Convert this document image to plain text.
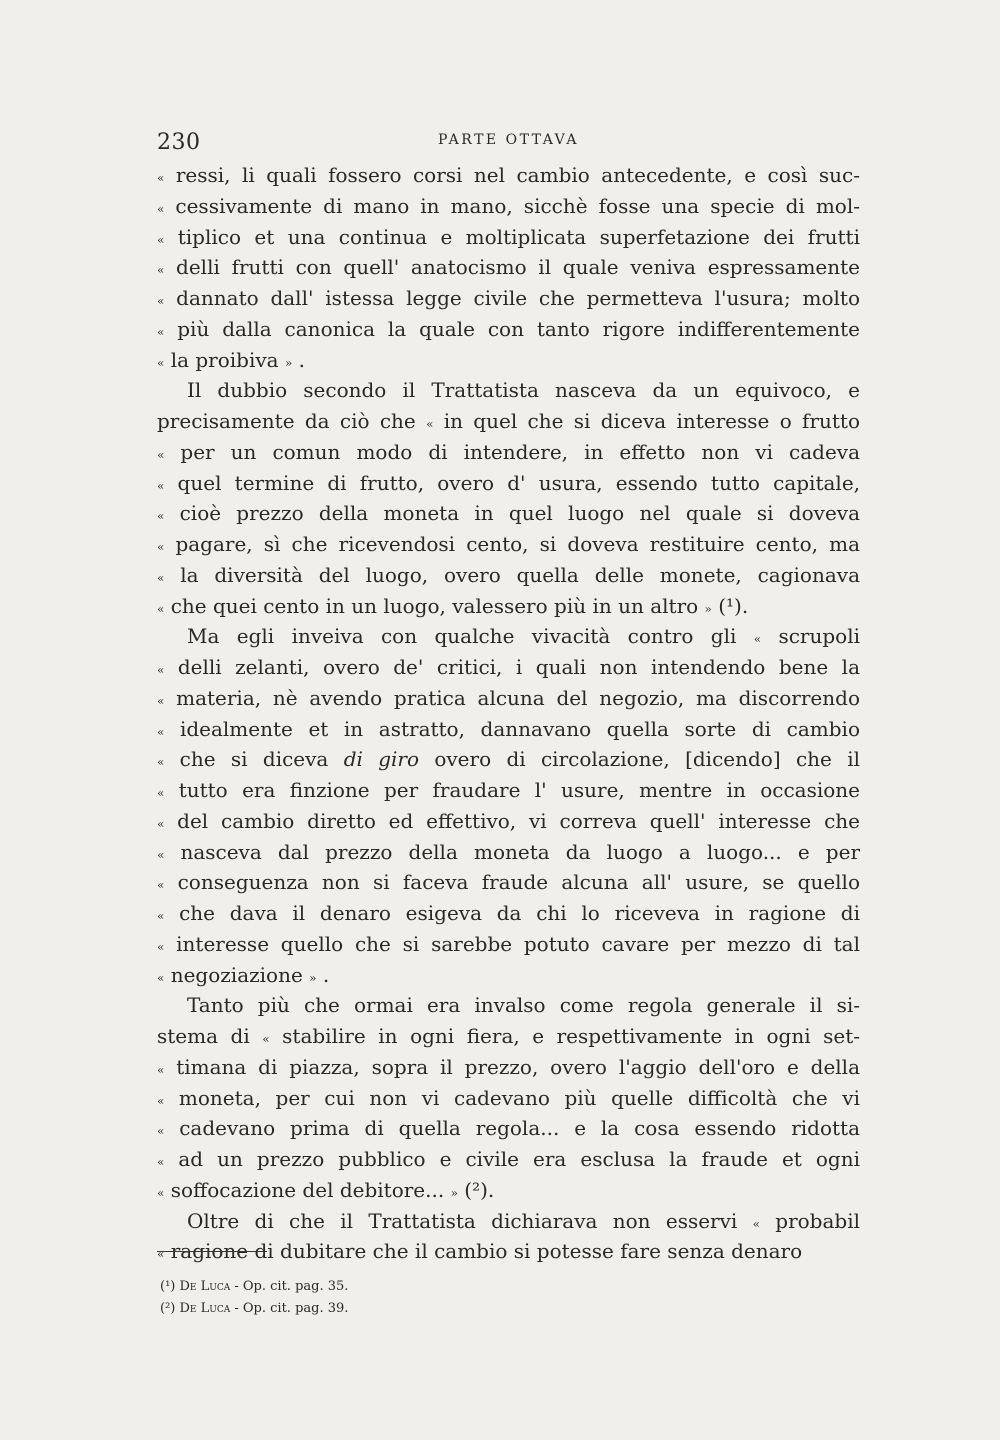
230	PARTE OTTAVA
« ressi, li quali fossero corsi nel cambio antecedente, e così suc-
« cessivamente di mano in mano, sicchè fosse una specie di mol-
« tiplico et una continua e moltiplicata superfetazione dei frutti
« delli frutti con quell' anatocismo il quale veniva espressamente
« dannato dall' istessa legge civile che permetteva l'usura; molto
« più dalla canonica la quale con tanto rigore indifferentemente
« la proibiva » .
Il dubbio secondo il Trattatista nasceva da un equivoco, e
precisamente da ciò che « in quel che si diceva interesse o frutto
« per un comun modo di intendere, in effetto non vi cadeva
« quel termine di frutto, overo d' usura, essendo tutto capitale,
« cioè prezzo della moneta in quel luogo nel quale si doveva
« pagare, sì che ricevendosi cento, si doveva restituire cento, ma
« la diversità del luogo, overo quella delle monete, cagionava
« che quei cento in un luogo, valessero più in un altro » (¹).
Ma egli inveiva con qualche vivacità contro gli « scrupoli
« delli zelanti, overo de' critici, i quali non intendendo bene la
« materia, nè avendo pratica alcuna del negozio, ma discorrendo
« idealmente et in astratto, dannavano quella sorte di cambio
« che si diceva di giro overo di circolazione, [dicendo] che il
« tutto era finzione per fraudare l' usure, mentre in occasione
« del cambio diretto ed effettivo, vi correva quell' interesse che
« nasceva dal prezzo della moneta da luogo a luogo... e per
« conseguenza non si faceva fraude alcuna all' usure, se quello
« che dava il denaro esigeva da chi lo riceveva in ragione di
« interesse quello che si sarebbe potuto cavare per mezzo di tal
« negoziazione » .
Tanto più che ormai era invalso come regola generale il si-
stema di « stabilire in ogni fiera, e respettivamente in ogni set-
« timana di piazza, sopra il prezzo, overo l'aggio dell'oro e della
« moneta, per cui non vi cadevano più quelle difficoltà che vi
« cadevano prima di quella regola... e la cosa essendo ridotta
« ad un prezzo pubblico e civile era esclusa la fraude et ogni
« soffocazione del debitore... » (²).
Oltre di che il Trattatista dichiarava non esservi « probabil
« ragione di dubitare che il cambio si potesse fare senza denaro
(¹) De Luca - Op. cit. pag. 35.
(²) De Luca - Op. cit. pag. 39.
